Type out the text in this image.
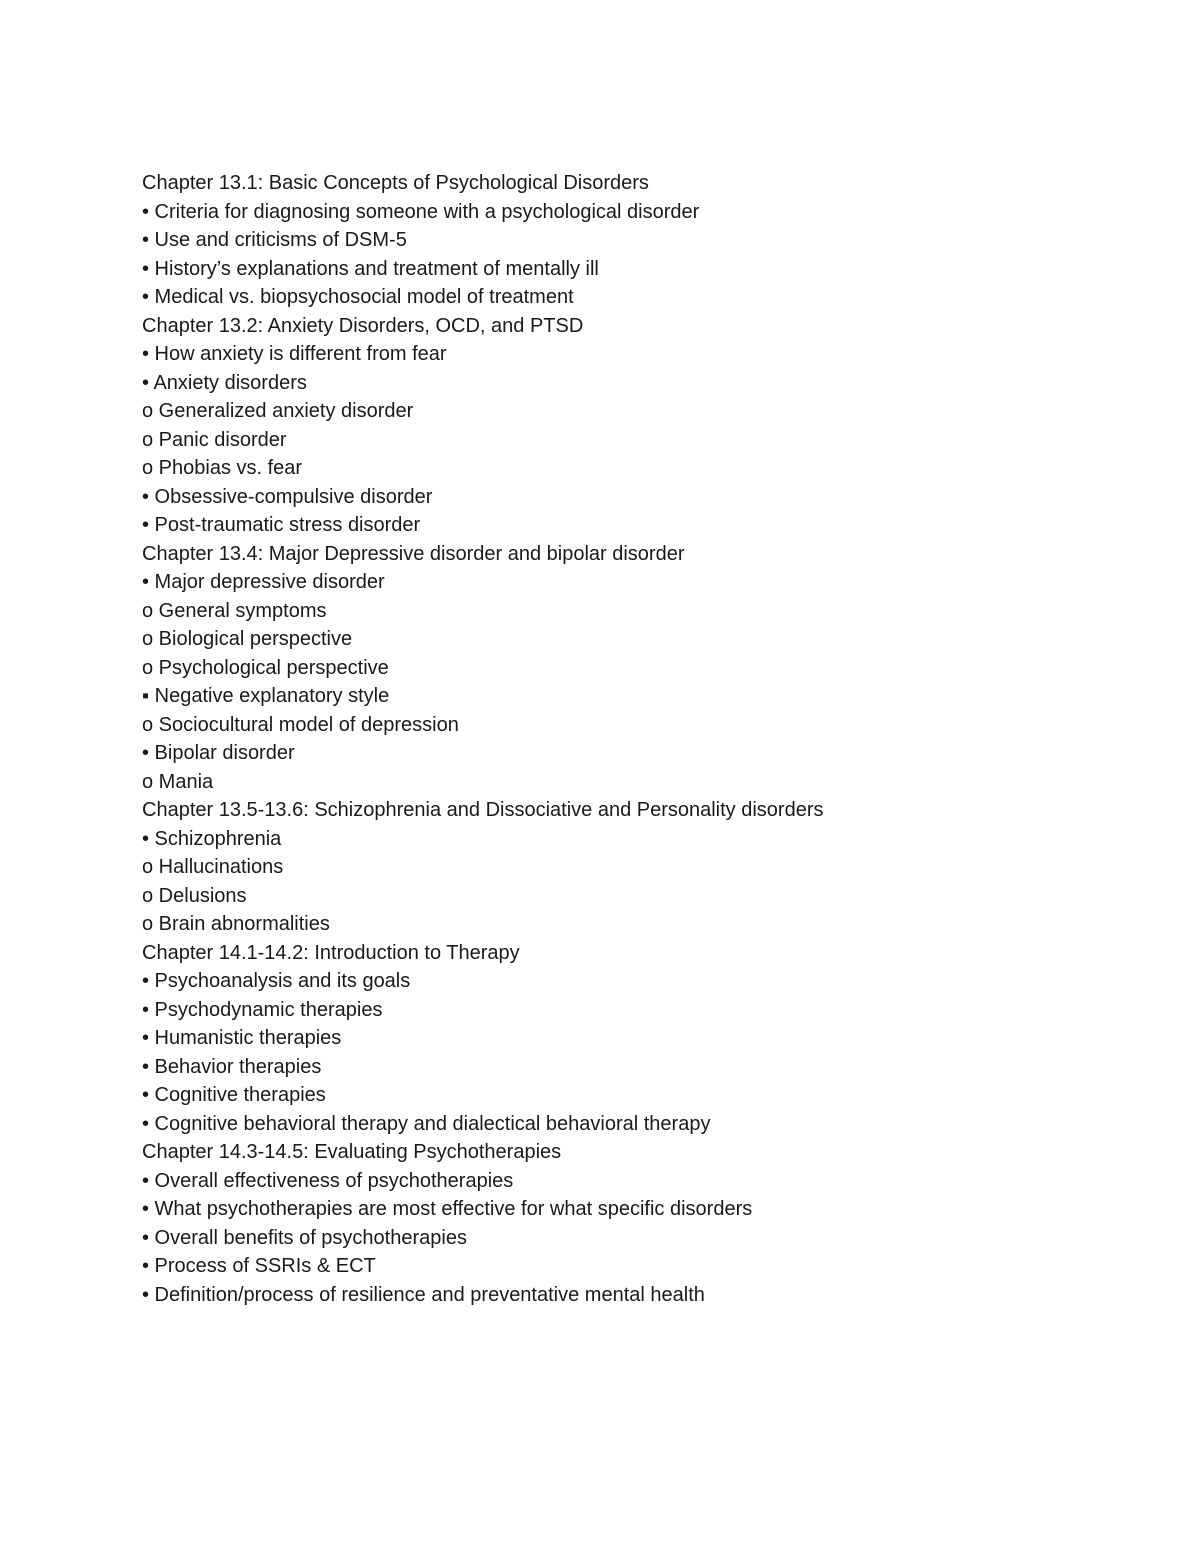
Chapter 13.1: Basic Concepts of Psychological Disorders
• Criteria for diagnosing someone with a psychological disorder
• Use and criticisms of DSM-5
• History’s explanations and treatment of mentally ill
• Medical vs. biopsychosocial model of treatment
Chapter 13.2: Anxiety Disorders, OCD, and PTSD
• How anxiety is different from fear
• Anxiety disorders
o Generalized anxiety disorder
o Panic disorder
o Phobias vs. fear
• Obsessive-compulsive disorder
• Post-traumatic stress disorder
Chapter 13.4: Major Depressive disorder and bipolar disorder
• Major depressive disorder
o General symptoms
o Biological perspective
o Psychological perspective
▪ Negative explanatory style
o Sociocultural model of depression
• Bipolar disorder
o Mania
Chapter 13.5-13.6: Schizophrenia and Dissociative and Personality disorders
• Schizophrenia
o Hallucinations
o Delusions
o Brain abnormalities
Chapter 14.1-14.2: Introduction to Therapy
• Psychoanalysis and its goals
• Psychodynamic therapies
• Humanistic therapies
• Behavior therapies
• Cognitive therapies
• Cognitive behavioral therapy and dialectical behavioral therapy
Chapter 14.3-14.5: Evaluating Psychotherapies
• Overall effectiveness of psychotherapies
• What psychotherapies are most effective for what specific disorders
• Overall benefits of psychotherapies
• Process of SSRIs & ECT
• Definition/process of resilience and preventative mental health
